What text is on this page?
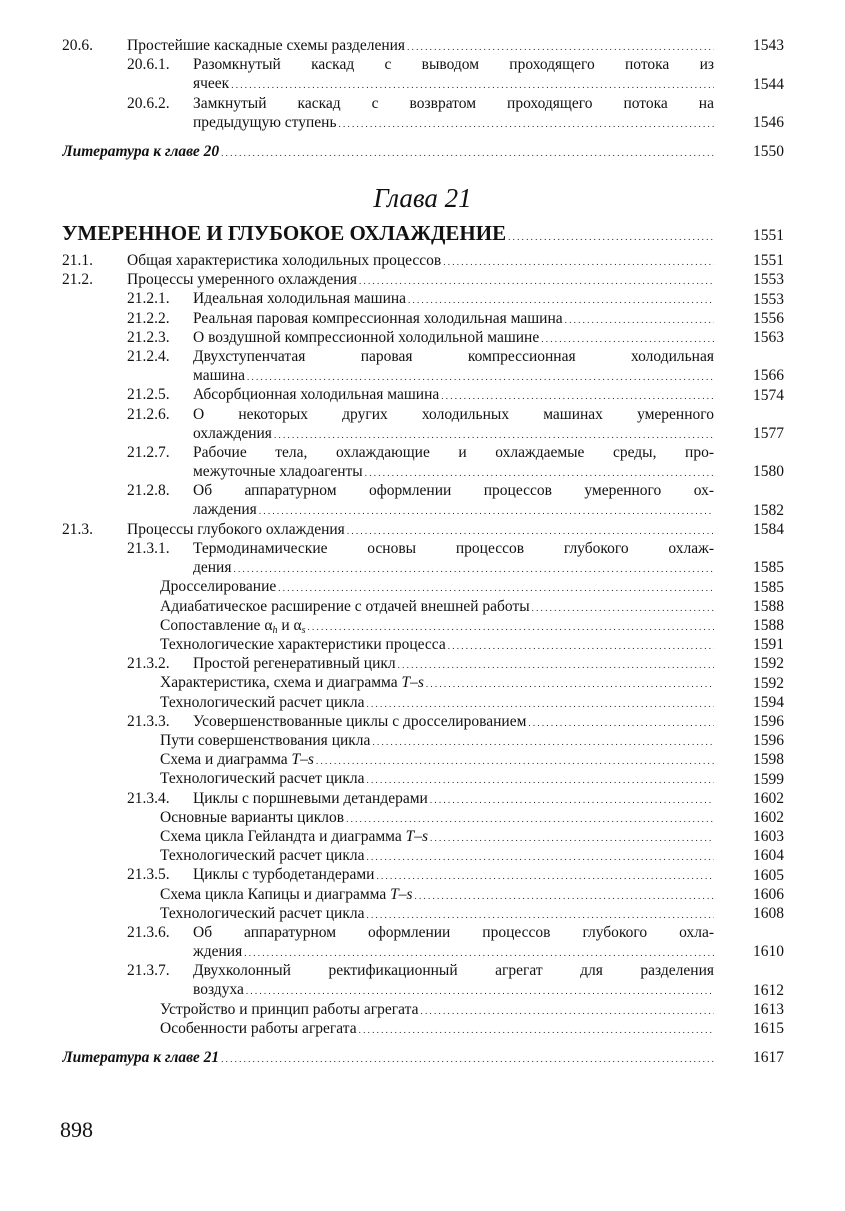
20.6. Простейшие каскадные схемы разделения . . .	1543
20.6.1. Разомкнутый каскад с выводом проходящего потока из
ячеек . . .	1544
20.6.2. Замкнутый каскад с возвратом проходящего потока на
предыдущую ступень . . .	1546
Литература к главе 20 . . .	1550
Глава 21
УМЕРЕННОЕ И ГЛУБОКОЕ ОХЛАЖДЕНИЕ . . .	1551
21.1. Общая характеристика холодильных процессов . . .	1551
21.2. Процессы умеренного охлаждения . . .	1553
21.2.1. Идеальная холодильная машина . . .	1553
21.2.2. Реальная паровая компрессионная холодильная машина . . .	1556
21.2.3. О воздушной компрессионной холодильной машине . . .	1563
21.2.4. Двухступенчатая паровая компрессионная холодильная
машина . . .	1566
21.2.5. Абсорбционная холодильная машина . . .	1574
21.2.6. О некоторых других холодильных машинах умеренного
охлаждения . . .	1577
21.2.7. Рабочие тела, охлаждающие и охлаждаемые среды, про-
межуточные хладоагенты . . .	1580
21.2.8. Об аппаратурном оформлении процессов умеренного ох-
лаждения . . .	1582
21.3. Процессы глубокого охлаждения . . .	1584
21.3.1. Термодинамические основы процессов глубокого охлаж-
дения . . .	1585
Дросселирование . . .	1585
Адиабатическое расширение с отдачей внешней работы . . .	1588
Сопоставление $\alpha_h$ и $\alpha_s$ . . .	1588
Технологические характеристики процесса . . .	1591
21.3.2. Простой регенеративный цикл . . .	1592
Характеристика, схема и диаграмма T–s . . .	1592
Технологический расчет цикла . . .	1594
21.3.3. Усовершенствованные циклы с дросселированием . . .	1596
Пути совершенствования цикла . . .	1596
Схема и диаграмма T–s . . .	1598
Технологический расчет цикла . . .	1599
21.3.4. Циклы с поршневыми детандерами . . .	1602
Основные варианты циклов . . .	1602
Схема цикла Гейландта и диаграмма T–s . . .	1603
Технологический расчет цикла . . .	1604
21.3.5. Циклы с турбодетандерами . . .	1605
Схема цикла Капицы и диаграмма T–s . . .	1606
Технологический расчет цикла . . .	1608
21.3.6. Об аппаратурном оформлении процессов глубокого охла-
ждения . . .	1610
21.3.7. Двухколонный ректификационный агрегат для разделения
воздуха . . .	1612
Устройство и принцип работы агрегата . . .	1613
Особенности работы агрегата . . .	1615
Литература к главе 21 . . .	1617
898
